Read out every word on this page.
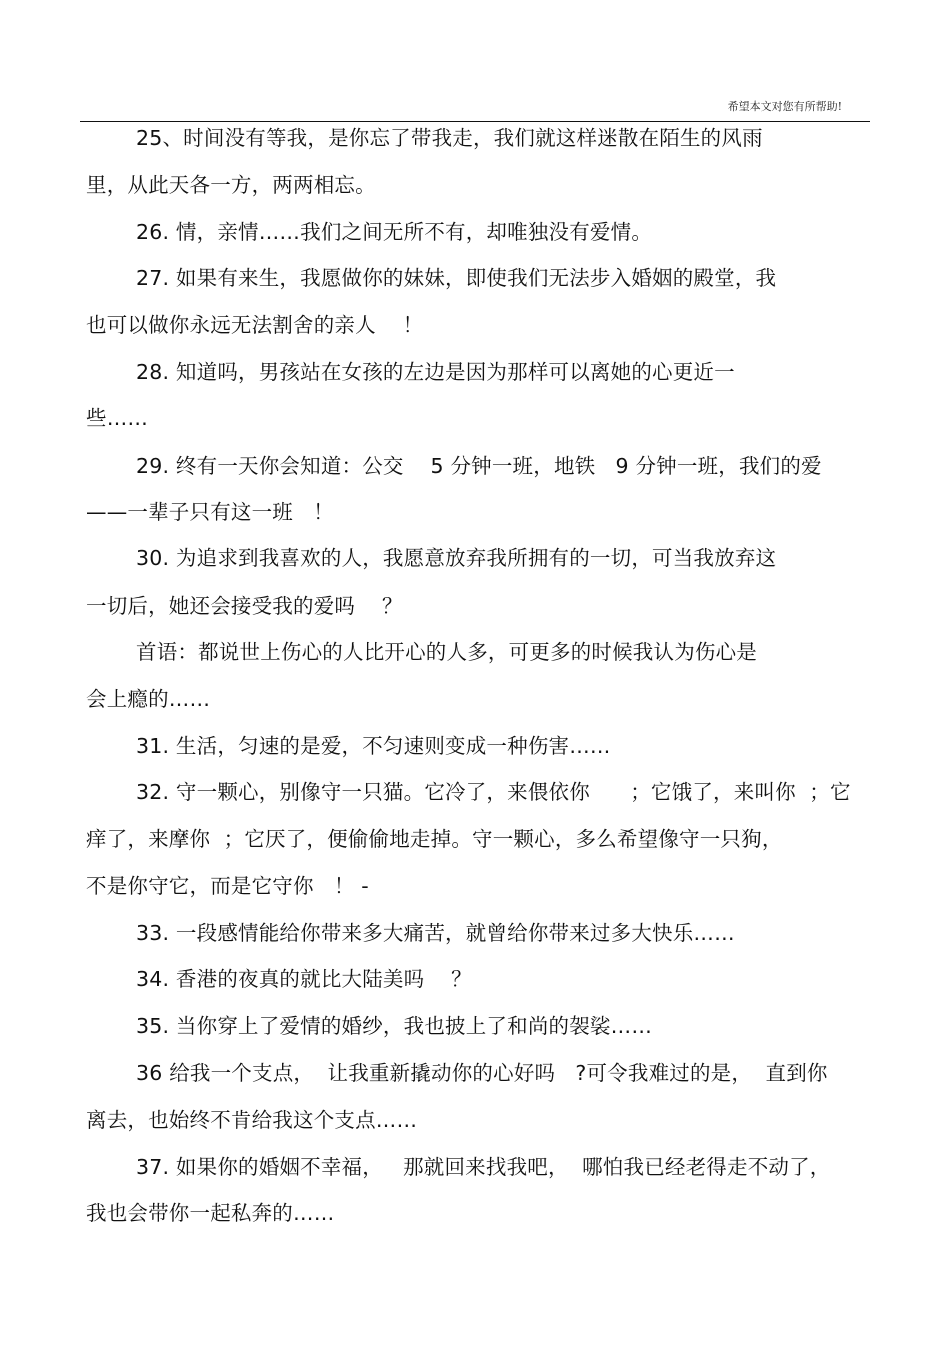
希望本文对您有所帮助!
25、时间没有等我，是你忘了带我走，我们就这样迷散在陌生的风雨
里，从此天各一方，两两相忘。
26. 情，亲情……我们之间无所不有，却唯独没有爱情。
27. 如果有来生，我愿做你的妹妹，即使我们无法步入婚姻的殿堂，我
也可以做你永远无法割舍的亲人    ！
28. 知道吗，男孩站在女孩的左边是因为那样可以离她的心更近一
些……
29. 终有一天你会知道：公交    5 分钟一班，地铁   9 分钟一班，我们的爱
——一辈子只有这一班   ！
30. 为追求到我喜欢的人，我愿意放弃我所拥有的一切，可当我放弃这
一切后，她还会接受我的爱吗    ？
首语：都说世上伤心的人比开心的人多，可更多的时候我认为伤心是
会上瘾的……
31. 生活，匀速的是爱，不匀速则变成一种伤害……
32. 守一颗心，别像守一只猫。它冷了，来偎依你      ；它饿了，来叫你  ；它
痒了，来摩你  ；它厌了，便偷偷地走掉。守一颗心，多么希望像守一只狗，
不是你守它，而是它守你   ！ -
33. 一段感情能给你带来多大痛苦，就曾给你带来过多大快乐……
34. 香港的夜真的就比大陆美吗    ？
35. 当你穿上了爱情的婚纱，我也披上了和尚的袈裟……
36 给我一个支点，  让我重新撬动你的心好吗   ?可令我难过的是，  直到你
离去，也始终不肯给我这个支点……
37. 如果你的婚姻不幸福，   那就回来找我吧，  哪怕我已经老得走不动了，
我也会带你一起私奔的……
